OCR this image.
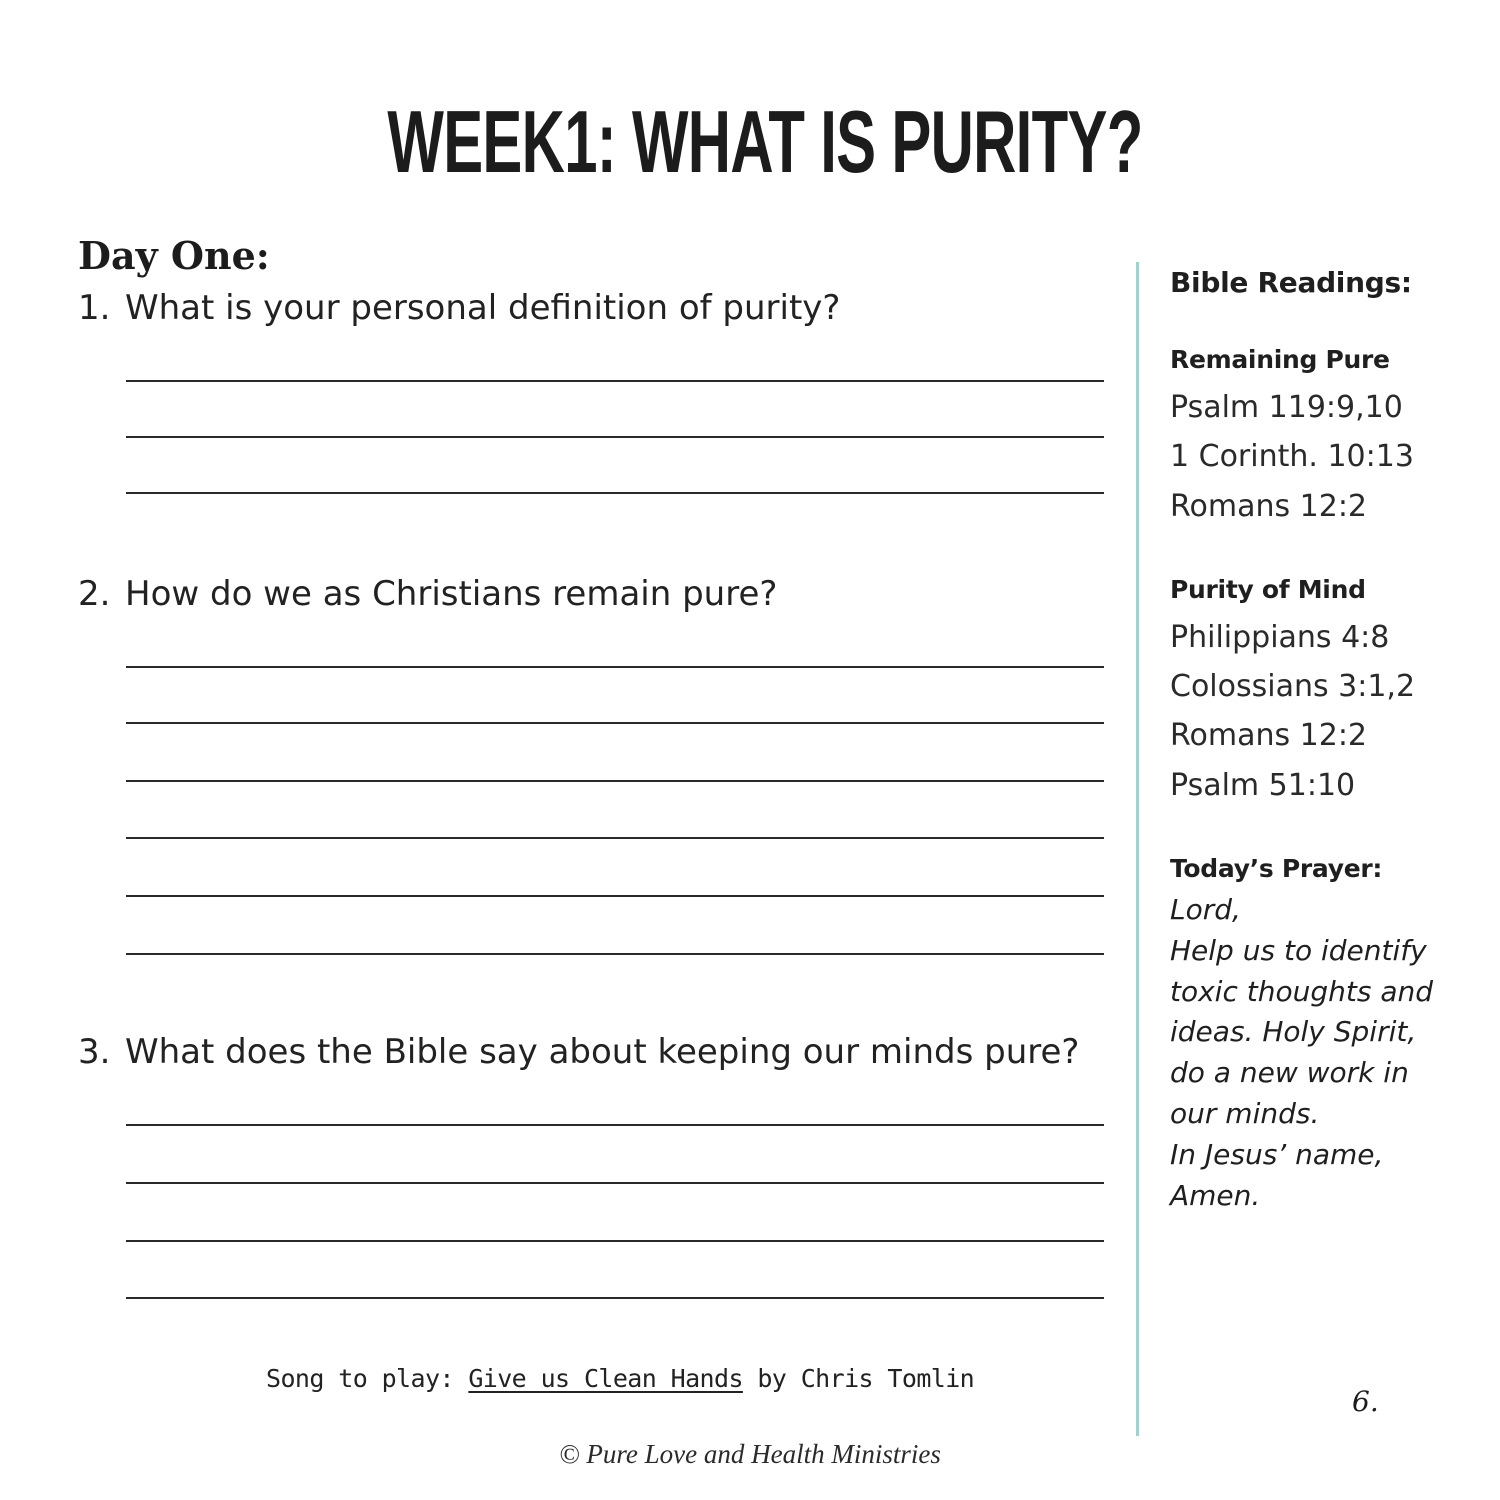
WEEK1: WHAT IS PURITY?
Day One:
1. What is your personal definition of purity?
2. How do we as Christians remain pure?
3. What does the Bible say about keeping our minds pure?
Bible Readings:
Remaining Pure
Psalm 119:9,10
1 Corinth. 10:13
Romans 12:2
Purity of Mind
Philippians 4:8
Colossians 3:1,2
Romans 12:2
Psalm 51:10
Today’s Prayer:
Lord,
Help us to identify
toxic thoughts and
ideas. Holy Spirit,
do a new work in
our minds.
In Jesus’ name,
Amen.
Song to play: Give us Clean Hands by Chris Tomlin
6.
© Pure Love and Health Ministries
